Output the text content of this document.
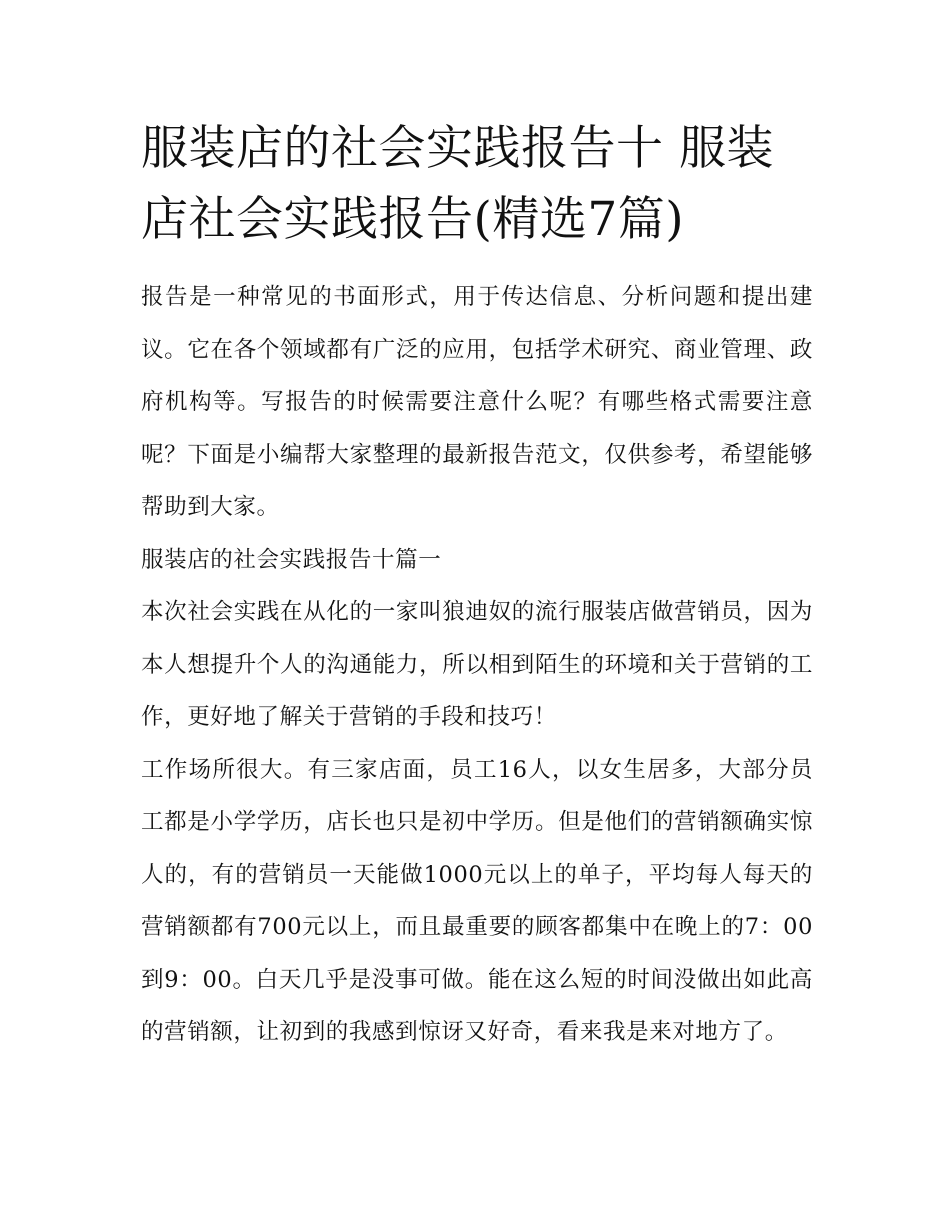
服装店的社会实践报告十 服装店社会实践报告(精选7篇)

报告是一种常见的书面形式，用于传达信息、分析问题和提出建议。它在各个领域都有广泛的应用，包括学术研究、商业管理、政府机构等。写报告的时候需要注意什么呢？有哪些格式需要注意呢？下面是小编帮大家整理的最新报告范文，仅供参考，希望能够帮助到大家。

服装店的社会实践报告十篇一

本次社会实践在从化的一家叫狼迪奴的流行服装店做营销员，因为本人想提升个人的沟通能力，所以相到陌生的环境和关于营销的工作，更好地了解关于营销的手段和技巧！

工作场所很大。有三家店面，员工16人，以女生居多，大部分员工都是小学学历，店长也只是初中学历。但是他们的营销额确实惊人的，有的营销员一天能做1000元以上的单子，平均每人每天的营销额都有700元以上，而且最重要的顾客都集中在晚上的7：00到9：00。白天几乎是没事可做。能在这么短的时间没做出如此高的营销额，让初到的我感到惊讶又好奇，看来我是来对地方了。
